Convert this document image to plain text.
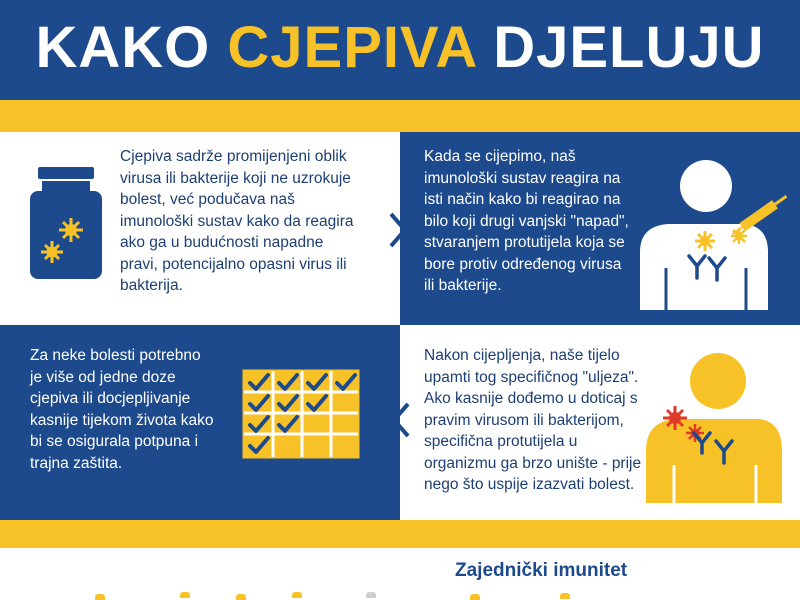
KAKO CJEPIVA DJELUJU

Cjepiva sadrže promijenjeni oblik
virusa ili bakterije koji ne uzrokuje
bolest, već podučava naš
imunološki sustav kako da reagira
ako ga u budućnosti napadne
pravi, potencijalno opasni virus ili
bakterija.

Kada se cijepimo, naš
imunološki sustav reagira na
isti način kako bi reagirao na
bilo koji drugi vanjski "napad",
stvaranjem protutijela koja se
bore protiv određenog virusa
ili bakterije.

Za neke bolesti potrebno
je više od jedne doze
cjepiva ili docjepljivanje
kasnije tijekom života kako
bi se osigurala potpuna i
trajna zaštita.

Nakon cijepljenja, naše tijelo
upamti tog specifičnog "uljeza".
Ako kasnije dođemo u doticaj s
pravim virusom ili bakterijom,
specifična protutijela u
organizmu ga brzo unište - prije
nego što uspije izazvati bolest.

Zajednički imunitet
